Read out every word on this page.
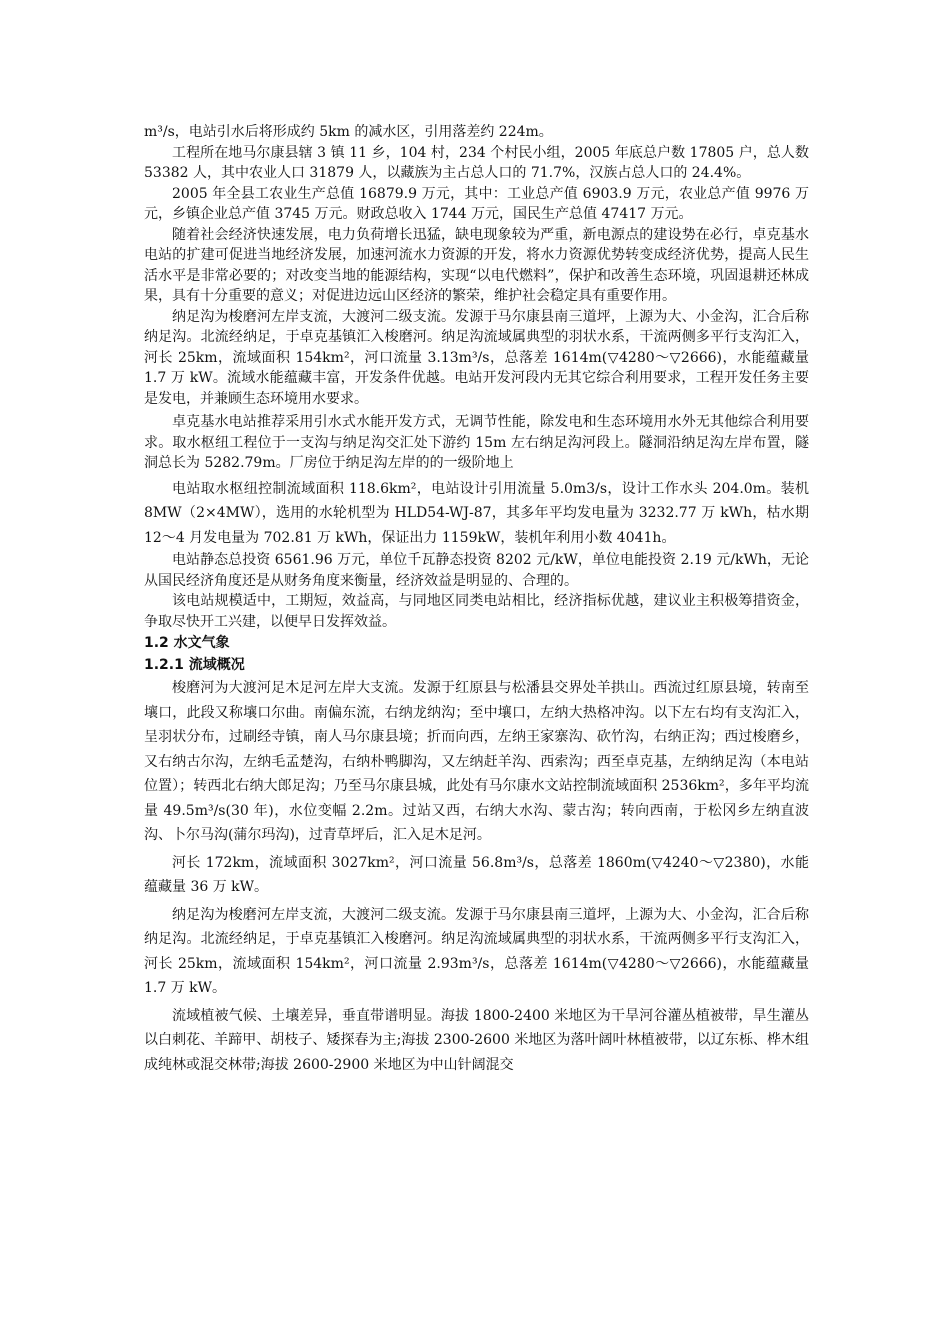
m³/s，电站引水后将形成约 5km 的减水区，引用落差约 224m。

工程所在地马尔康县辖 3 镇 11 乡，104 村，234 个村民小组，2005 年底总户数 17805 户，总人数 53382 人，其中农业人口 31879 人，以藏族为主占总人口的 71.7%，汉族占总人口的 24.4%。

2005 年全县工农业生产总值 16879.9 万元，其中：工业总产值 6903.9 万元，农业总产值 9976 万元，乡镇企业总产值 3745 万元。财政总收入 1744 万元，国民生产总值 47417 万元。

随着社会经济快速发展，电力负荷增长迅猛，缺电现象较为严重，新电源点的建设势在必行，卓克基水电站的扩建可促进当地经济发展，加速河流水力资源的开发，将水力资源优势转变成经济优势，提高人民生活水平是非常必要的；对改变当地的能源结构，实现“以电代燃料”，保护和改善生态环境，巩固退耕还林成果，具有十分重要的意义；对促进边远山区经济的繁荣，维护社会稳定具有重要作用。

纳足沟为梭磨河左岸支流，大渡河二级支流。发源于马尔康县南三道坪，上源为大、小金沟，汇合后称纳足沟。北流经纳足，于卓克基镇汇入梭磨河。纳足沟流域属典型的羽状水系，干流两侧多平行支沟汇入，河长 25km，流域面积 154km²，河口流量 3.13m³/s，总落差 1614m(▽4280～▽2666)，水能蕴藏量 1.7 万 kW。流域水能蕴藏丰富，开发条件优越。电站开发河段内无其它综合利用要求，工程开发任务主要是发电，并兼顾生态环境用水要求。

卓克基水电站推荐采用引水式水能开发方式，无调节性能，除发电和生态环境用水外无其他综合利用要求。取水枢纽工程位于一支沟与纳足沟交汇处下游约 15m 左右纳足沟河段上。隧洞沿纳足沟左岸布置，隧洞总长为 5282.79m。厂房位于纳足沟左岸的的一级阶地上

电站取水枢纽控制流域面积 118.6km²，电站设计引用流量 5.0m3/s，设计工作水头 204.0m。装机 8MW（2×4MW），选用的水轮机型为 HLD54-WJ-87，其多年平均发电量为 3232.77 万 kWh，枯水期 12～4 月发电量为 702.81 万 kWh，保证出力 1159kW，装机年利用小数 4041h。

电站静态总投资 6561.96 万元，单位千瓦静态投资 8202 元/kW，单位电能投资 2.19 元/kWh，无论从国民经济角度还是从财务角度来衡量，经济效益是明显的、合理的。

该电站规模适中，工期短，效益高，与同地区同类电站相比，经济指标优越，建议业主积极筹措资金，争取尽快开工兴建，以便早日发挥效益。

1.2 水文气象

1.2.1 流域概况

梭磨河为大渡河足木足河左岸大支流。发源于红原县与松潘县交界处羊拱山。西流过红原县境，转南至壤口，此段又称壤口尔曲。南偏东流，右纳龙纳沟；至中壤口，左纳大热格冲沟。以下左右均有支沟汇入，呈羽状分布，过刷经寺镇，南人马尔康县境；折而向西，左纳王家寨沟、砍竹沟，右纳正沟；西过梭磨乡，又右纳古尔沟，左纳毛孟楚沟，右纳朴鸭脚沟，又左纳赶羊沟、西索沟；西至卓克基，左纳纳足沟（本电站位置）；转西北右纳大郎足沟；乃至马尔康县城，此处有马尔康水文站控制流域面积 2536km²，多年平均流量 49.5m³/s(30 年)，水位变幅 2.2m。过站又西，右纳大水沟、蒙古沟；转向西南，于松冈乡左纳直波沟、卜尔马沟(蒲尔玛沟)，过青草坪后，汇入足木足河。

河长 172km，流域面积 3027km²，河口流量 56.8m³/s，总落差 1860m(▽4240～▽2380)，水能蕴藏量 36 万 kW。

纳足沟为梭磨河左岸支流，大渡河二级支流。发源于马尔康县南三道坪，上源为大、小金沟，汇合后称纳足沟。北流经纳足，于卓克基镇汇入梭磨河。纳足沟流域属典型的羽状水系，干流两侧多平行支沟汇入，河长 25km，流域面积 154km²，河口流量 2.93m³/s，总落差 1614m(▽4280～▽2666)，水能蕴藏量 1.7 万 kW。

流域植被气候、土壤差异，垂直带谱明显。海拔 1800-2400 米地区为干旱河谷灌丛植被带，旱生灌丛以白刺花、羊蹄甲、胡枝子、矮探春为主;海拔 2300-2600 米地区为落叶阔叶林植被带，以辽东栎、桦木组成纯林或混交林带;海拔 2600-2900 米地区为中山针阔混交
